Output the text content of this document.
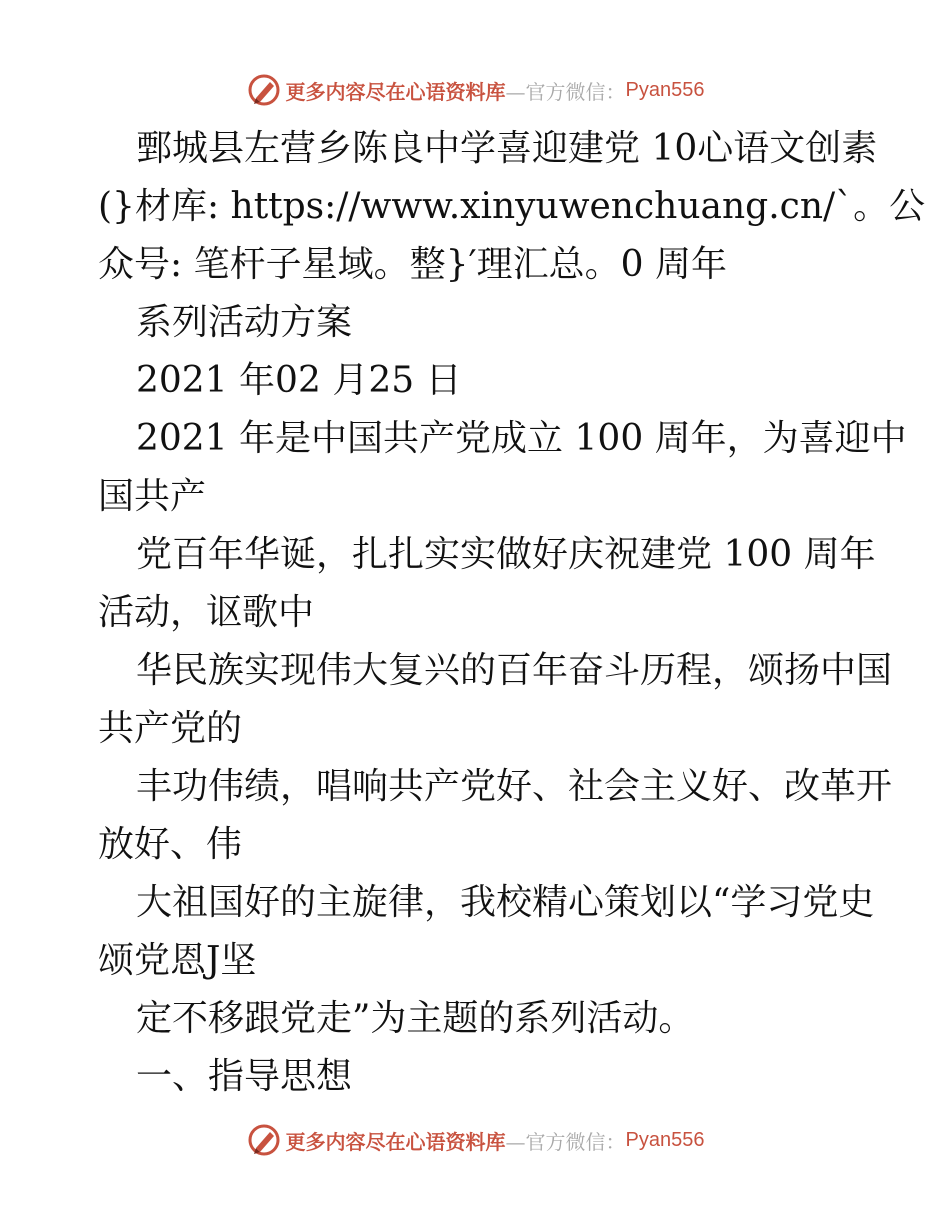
更多内容尽在心语资料库 —官方微信： Pyan556
鄄城县左营乡陈良中学喜迎建党 10心语文创素
(}材库: https://www.xinyuwenchuang.cn/`。公
众号: 笔杆子星域。整}′理汇总。0 周年
系列活动方案
2021 年02 月25 日
2021 年是中国共产党成立 100 周年，为喜迎中
国共产
党百年华诞，扎扎实实做好庆祝建党 100 周年
活动，讴歌中
华民族实现伟大复兴的百年奋斗历程，颂扬中国
共产党的
丰功伟绩，唱响共产党好、社会主义好、改革开
放好、伟
大祖国好的主旋律，我校精心策划以“学习党史
颂党恩J坚
定不移跟党走”为主题的系列活动。
一、指导思想
更多内容尽在心语资料库 —官方微信： Pyan556
